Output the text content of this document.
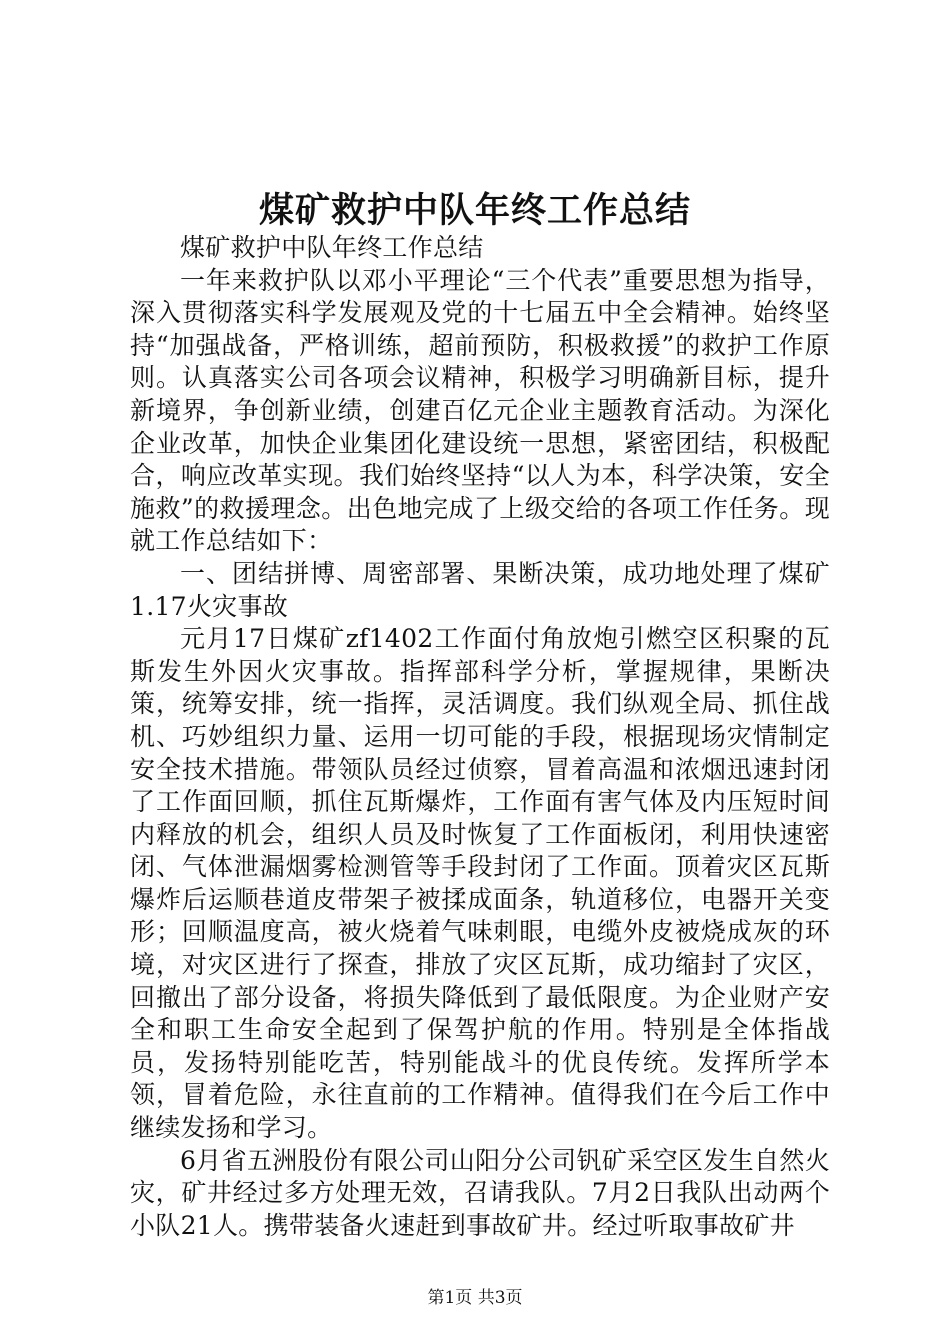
煤矿救护中队年终工作总结

煤矿救护中队年终工作总结

一年来救护队以邓小平理论“三个代表”重要思想为指导，深入贯彻落实科学发展观及党的十七届五中全会精神。始终坚持“加强战备，严格训练，超前预防，积极救援”的救护工作原则。认真落实公司各项会议精神，积极学习明确新目标，提升新境界，争创新业绩，创建百亿元企业主题教育活动。为深化企业改革，加快企业集团化建设统一思想，紧密团结，积极配合，响应改革实现。我们始终坚持“以人为本，科学决策，安全施救”的救援理念。出色地完成了上级交给的各项工作任务。现就工作总结如下：

一、团结拼博、周密部署、果断决策，成功地处理了煤矿1.17火灾事故

元月17日煤矿zf1402工作面付角放炮引燃空区积聚的瓦斯发生外因火灾事故。指挥部科学分析，掌握规律，果断决策，统筹安排，统一指挥，灵活调度。我们纵观全局、抓住战机、巧妙组织力量、运用一切可能的手段，根据现场灾情制定安全技术措施。带领队员经过侦察，冒着高温和浓烟迅速封闭了工作面回顺，抓住瓦斯爆炸，工作面有害气体及内压短时间内释放的机会，组织人员及时恢复了工作面板闭，利用快速密闭、气体泄漏烟雾检测管等手段封闭了工作面。顶着灾区瓦斯爆炸后运顺巷道皮带架子被揉成面条，轨道移位，电器开关变形；回顺温度高，被火烧着气味刺眼，电缆外皮被烧成灰的环境，对灾区进行了探查，排放了灾区瓦斯，成功缩封了灾区，回撤出了部分设备，将损失降低到了最低限度。为企业财产安全和职工生命安全起到了保驾护航的作用。特别是全体指战员，发扬特别能吃苦，特别能战斗的优良传统。发挥所学本领，冒着危险，永往直前的工作精神。值得我们在今后工作中继续发扬和学习。

6月省五洲股份有限公司山阳分公司钒矿采空区发生自然火灾，矿井经过多方处理无效，召请我队。7月2日我队出动两个小队21人。携带装备火速赶到事故矿井。经过听取事故矿井

第1页 共3页
